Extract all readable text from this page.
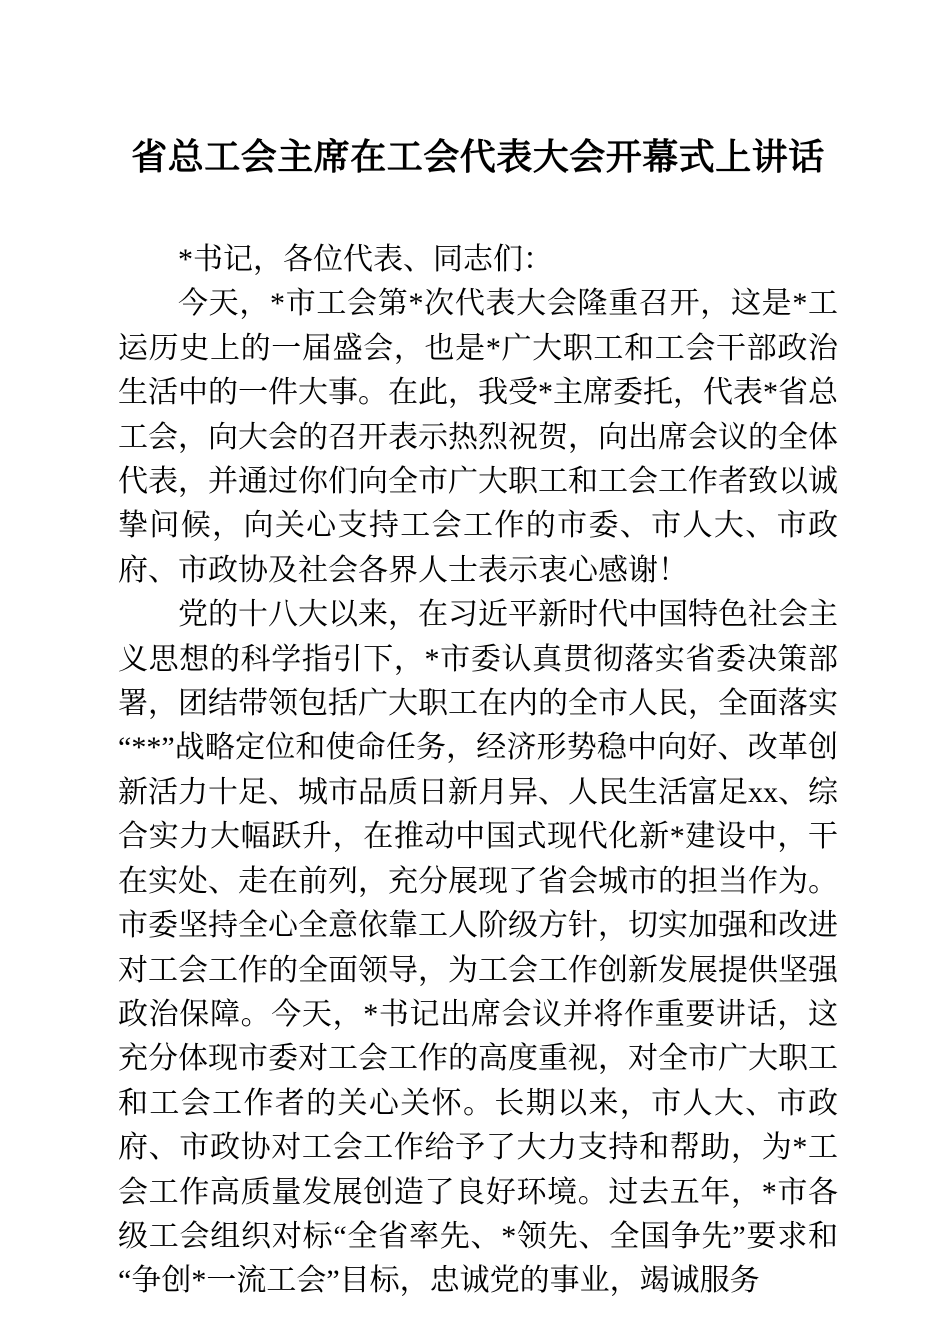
省总工会主席在工会代表大会开幕式上讲话

*书记，各位代表、同志们：

今天，*市工会第*次代表大会隆重召开，这是*工运历史上的一届盛会，也是*广大职工和工会干部政治生活中的一件大事。在此，我受*主席委托，代表*省总工会，向大会的召开表示热烈祝贺，向出席会议的全体代表，并通过你们向全市广大职工和工会工作者致以诚挚问候，向关心支持工会工作的市委、市人大、市政府、市政协及社会各界人士表示衷心感谢！

党的十八大以来，在习近平新时代中国特色社会主义思想的科学指引下，*市委认真贯彻落实省委决策部署，团结带领包括广大职工在内的全市人民，全面落实“**”战略定位和使命任务，经济形势稳中向好、改革创新活力十足、城市品质日新月异、人民生活富足xx、综合实力大幅跃升，在推动中国式现代化新*建设中，干在实处、走在前列，充分展现了省会城市的担当作为。市委坚持全心全意依靠工人阶级方针，切实加强和改进对工会工作的全面领导，为工会工作创新发展提供坚强政治保障。今天，*书记出席会议并将作重要讲话，这充分体现市委对工会工作的高度重视，对全市广大职工和工会工作者的关心关怀。长期以来，市人大、市政府、市政协对工会工作给予了大力支持和帮助，为*工会工作高质量发展创造了良好环境。过去五年，*市各级工会组织对标“全省率先、*领先、全国争先”要求和“争创*一流工会”目标，忠诚党的事业，竭诚服务
